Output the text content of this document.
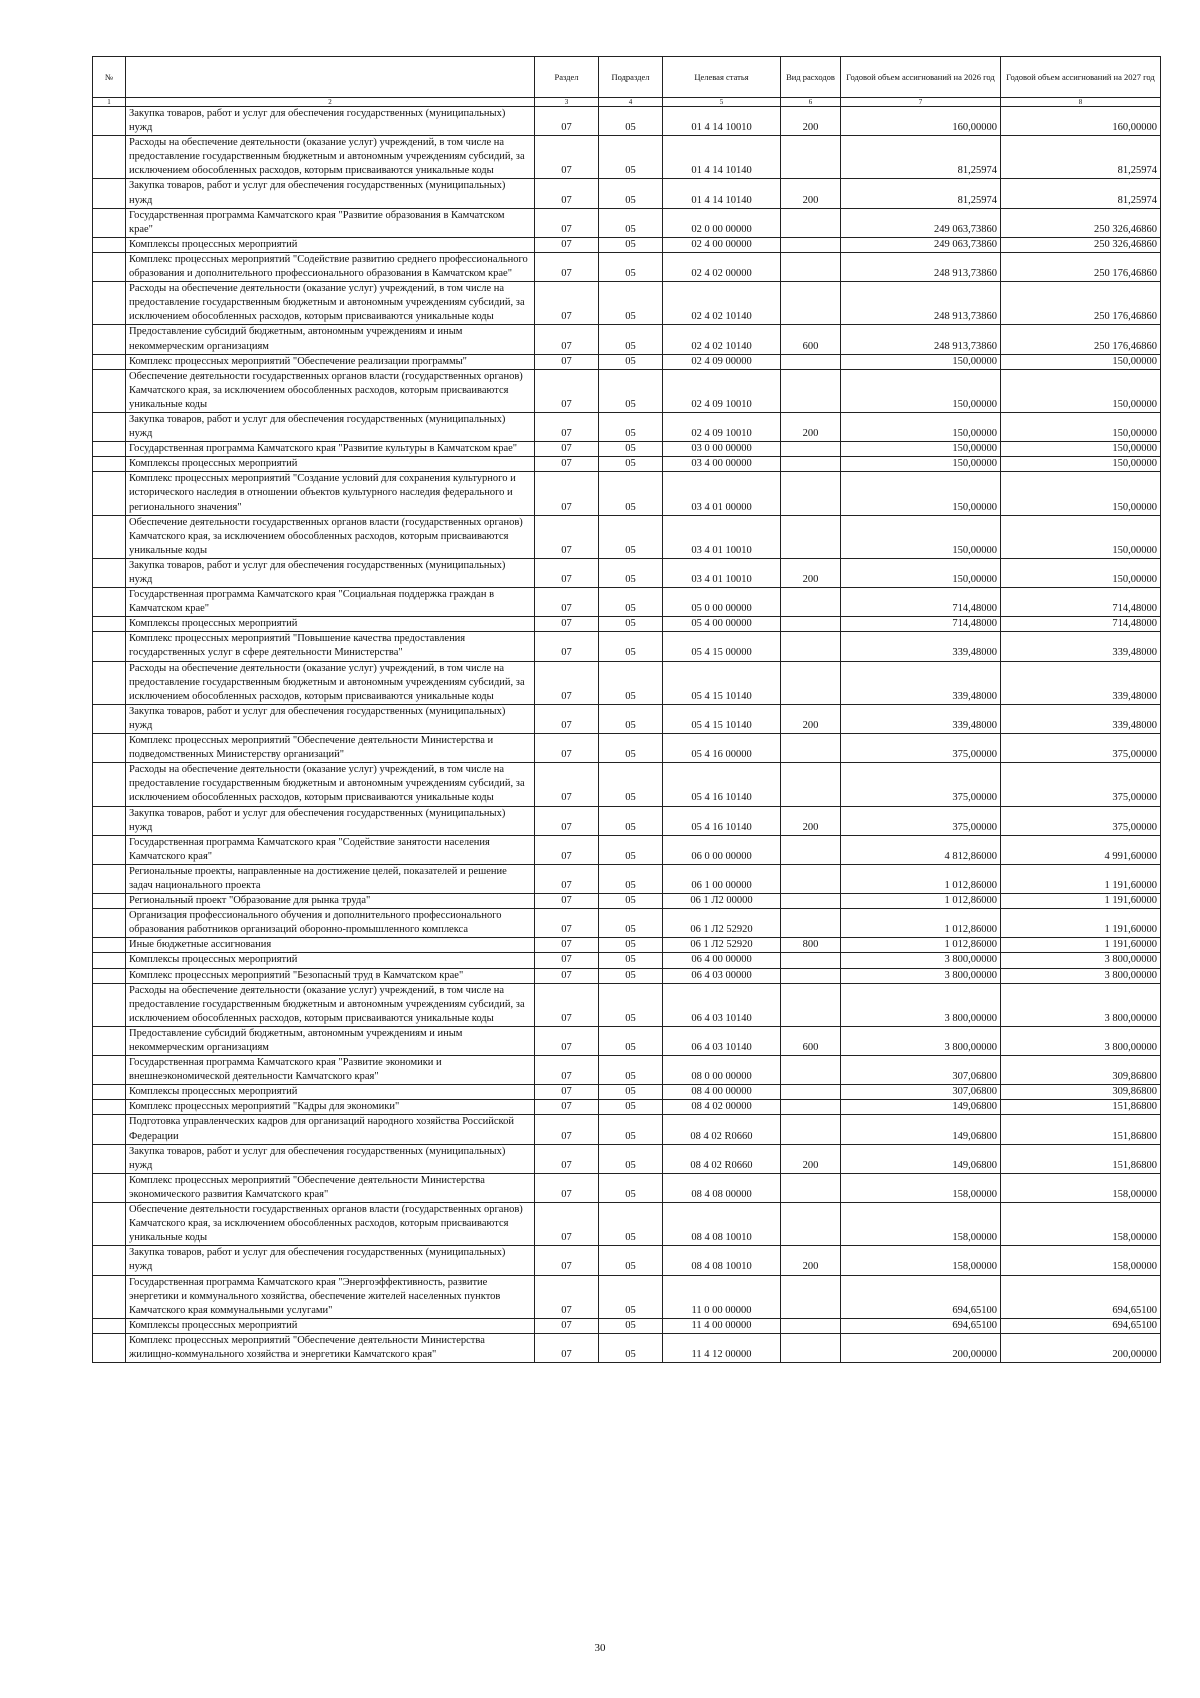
№		Раздел	Подраздел	Целевая статья	Вид расходов	Годовой объем ассигнований на 2026 год	Годовой объем ассигнований на 2027 год
1	2	3	4	5	6	7	8
	Закупка товаров, работ и услуг для обеспечения государственных (муниципальных) нужд	07	05	01 4 14 10010	200	160,00000	160,00000
	Расходы на обеспечение деятельности (оказание услуг) учреждений, в том числе на предоставление государственным бюджетным и автономным учреждениям субсидий, за исключением обособленных расходов, которым присваиваются уникальные коды	07	05	01 4 14 10140		81,25974	81,25974
	Закупка товаров, работ и услуг для обеспечения государственных (муниципальных) нужд	07	05	01 4 14 10140	200	81,25974	81,25974
	Государственная программа Камчатского края "Развитие образования в Камчатском крае"	07	05	02 0 00 00000		249 063,73860	250 326,46860
	Комплексы процессных мероприятий	07	05	02 4 00 00000		249 063,73860	250 326,46860
	Комплекс процессных мероприятий "Содействие развитию среднего профессионального образования и дополнительного профессионального образования в Камчатском крае"	07	05	02 4 02 00000		248 913,73860	250 176,46860
	Расходы на обеспечение деятельности (оказание услуг) учреждений, в том числе на предоставление государственным бюджетным и автономным учреждениям субсидий, за исключением обособленных расходов, которым присваиваются уникальные коды	07	05	02 4 02 10140		248 913,73860	250 176,46860
	Предоставление субсидий бюджетным, автономным учреждениям и иным некоммерческим организациям	07	05	02 4 02 10140	600	248 913,73860	250 176,46860
	Комплекс процессных мероприятий "Обеспечение реализации программы"	07	05	02 4 09 00000		150,00000	150,00000
	Обеспечение деятельности государственных органов власти (государственных органов) Камчатского края, за исключением обособленных расходов, которым присваиваются уникальные коды	07	05	02 4 09 10010		150,00000	150,00000
	Закупка товаров, работ и услуг для обеспечения государственных (муниципальных) нужд	07	05	02 4 09 10010	200	150,00000	150,00000
	Государственная программа Камчатского края "Развитие культуры в Камчатском крае"	07	05	03 0 00 00000		150,00000	150,00000
	Комплексы процессных мероприятий	07	05	03 4 00 00000		150,00000	150,00000
	Комплекс процессных мероприятий "Создание условий для сохранения культурного и исторического наследия в отношении объектов культурного наследия федерального и регионального значения"	07	05	03 4 01 00000		150,00000	150,00000
	Обеспечение деятельности государственных органов власти (государственных органов) Камчатского края, за исключением обособленных расходов, которым присваиваются уникальные коды	07	05	03 4 01 10010		150,00000	150,00000
	Закупка товаров, работ и услуг для обеспечения государственных (муниципальных) нужд	07	05	03 4 01 10010	200	150,00000	150,00000
	Государственная программа Камчатского края "Социальная поддержка граждан в Камчатском крае"	07	05	05 0 00 00000		714,48000	714,48000
	Комплексы процессных мероприятий	07	05	05 4 00 00000		714,48000	714,48000
	Комплекс процессных мероприятий "Повышение качества предоставления государственных услуг в сфере деятельности Министерства"	07	05	05 4 15 00000		339,48000	339,48000
	Расходы на обеспечение деятельности (оказание услуг) учреждений, в том числе на предоставление государственным бюджетным и автономным учреждениям субсидий, за исключением обособленных расходов, которым присваиваются уникальные коды	07	05	05 4 15 10140		339,48000	339,48000
	Закупка товаров, работ и услуг для обеспечения государственных (муниципальных) нужд	07	05	05 4 15 10140	200	339,48000	339,48000
	Комплекс процессных мероприятий "Обеспечение деятельности Министерства и подведомственных Министерству организаций"	07	05	05 4 16 00000		375,00000	375,00000
	Расходы на обеспечение деятельности (оказание услуг) учреждений, в том числе на предоставление государственным бюджетным и автономным учреждениям субсидий, за исключением обособленных расходов, которым присваиваются уникальные коды	07	05	05 4 16 10140		375,00000	375,00000
	Закупка товаров, работ и услуг для обеспечения государственных (муниципальных) нужд	07	05	05 4 16 10140	200	375,00000	375,00000
	Государственная программа Камчатского края "Содействие занятости населения Камчатского края"	07	05	06 0 00 00000		4 812,86000	4 991,60000
	Региональные проекты, направленные на достижение целей, показателей и решение задач национального проекта	07	05	06 1 00 00000		1 012,86000	1 191,60000
	Региональный проект "Образование для рынка труда"	07	05	06 1 Л2 00000		1 012,86000	1 191,60000
	Организация профессионального обучения и дополнительного профессионального образования работников организаций оборонно-промышленного комплекса	07	05	06 1 Л2 52920		1 012,86000	1 191,60000
	Иные бюджетные ассигнования	07	05	06 1 Л2 52920	800	1 012,86000	1 191,60000
	Комплексы процессных мероприятий	07	05	06 4 00 00000		3 800,00000	3 800,00000
	Комплекс процессных мероприятий "Безопасный труд в Камчатском крае"	07	05	06 4 03 00000		3 800,00000	3 800,00000
	Расходы на обеспечение деятельности (оказание услуг) учреждений, в том числе на предоставление государственным бюджетным и автономным учреждениям субсидий, за исключением обособленных расходов, которым присваиваются уникальные коды	07	05	06 4 03 10140		3 800,00000	3 800,00000
	Предоставление субсидий бюджетным, автономным учреждениям и иным некоммерческим организациям	07	05	06 4 03 10140	600	3 800,00000	3 800,00000
	Государственная программа Камчатского края "Развитие экономики и внешнеэкономической деятельности Камчатского края"	07	05	08 0 00 00000		307,06800	309,86800
	Комплексы процессных мероприятий	07	05	08 4 00 00000		307,06800	309,86800
	Комплекс процессных мероприятий "Кадры для экономики"	07	05	08 4 02 00000		149,06800	151,86800
	Подготовка управленческих кадров для организаций народного хозяйства Российской Федерации	07	05	08 4 02 R0660		149,06800	151,86800
	Закупка товаров, работ и услуг для обеспечения государственных (муниципальных) нужд	07	05	08 4 02 R0660	200	149,06800	151,86800
	Комплекс процессных мероприятий "Обеспечение деятельности Министерства экономического развития Камчатского края"	07	05	08 4 08 00000		158,00000	158,00000
	Обеспечение деятельности государственных органов власти (государственных органов) Камчатского края, за исключением обособленных расходов, которым присваиваются уникальные коды	07	05	08 4 08 10010		158,00000	158,00000
	Закупка товаров, работ и услуг для обеспечения государственных (муниципальных) нужд	07	05	08 4 08 10010	200	158,00000	158,00000
	Государственная программа Камчатского края "Энергоэффективность, развитие энергетики и коммунального хозяйства, обеспечение жителей населенных пунктов Камчатского края коммунальными услугами"	07	05	11 0 00 00000		694,65100	694,65100
	Комплексы процессных мероприятий	07	05	11 4 00 00000		694,65100	694,65100
	Комплекс процессных мероприятий "Обеспечение деятельности Министерства жилищно-коммунального хозяйства и энергетики Камчатского края"	07	05	11 4 12 00000		200,00000	200,00000
30
